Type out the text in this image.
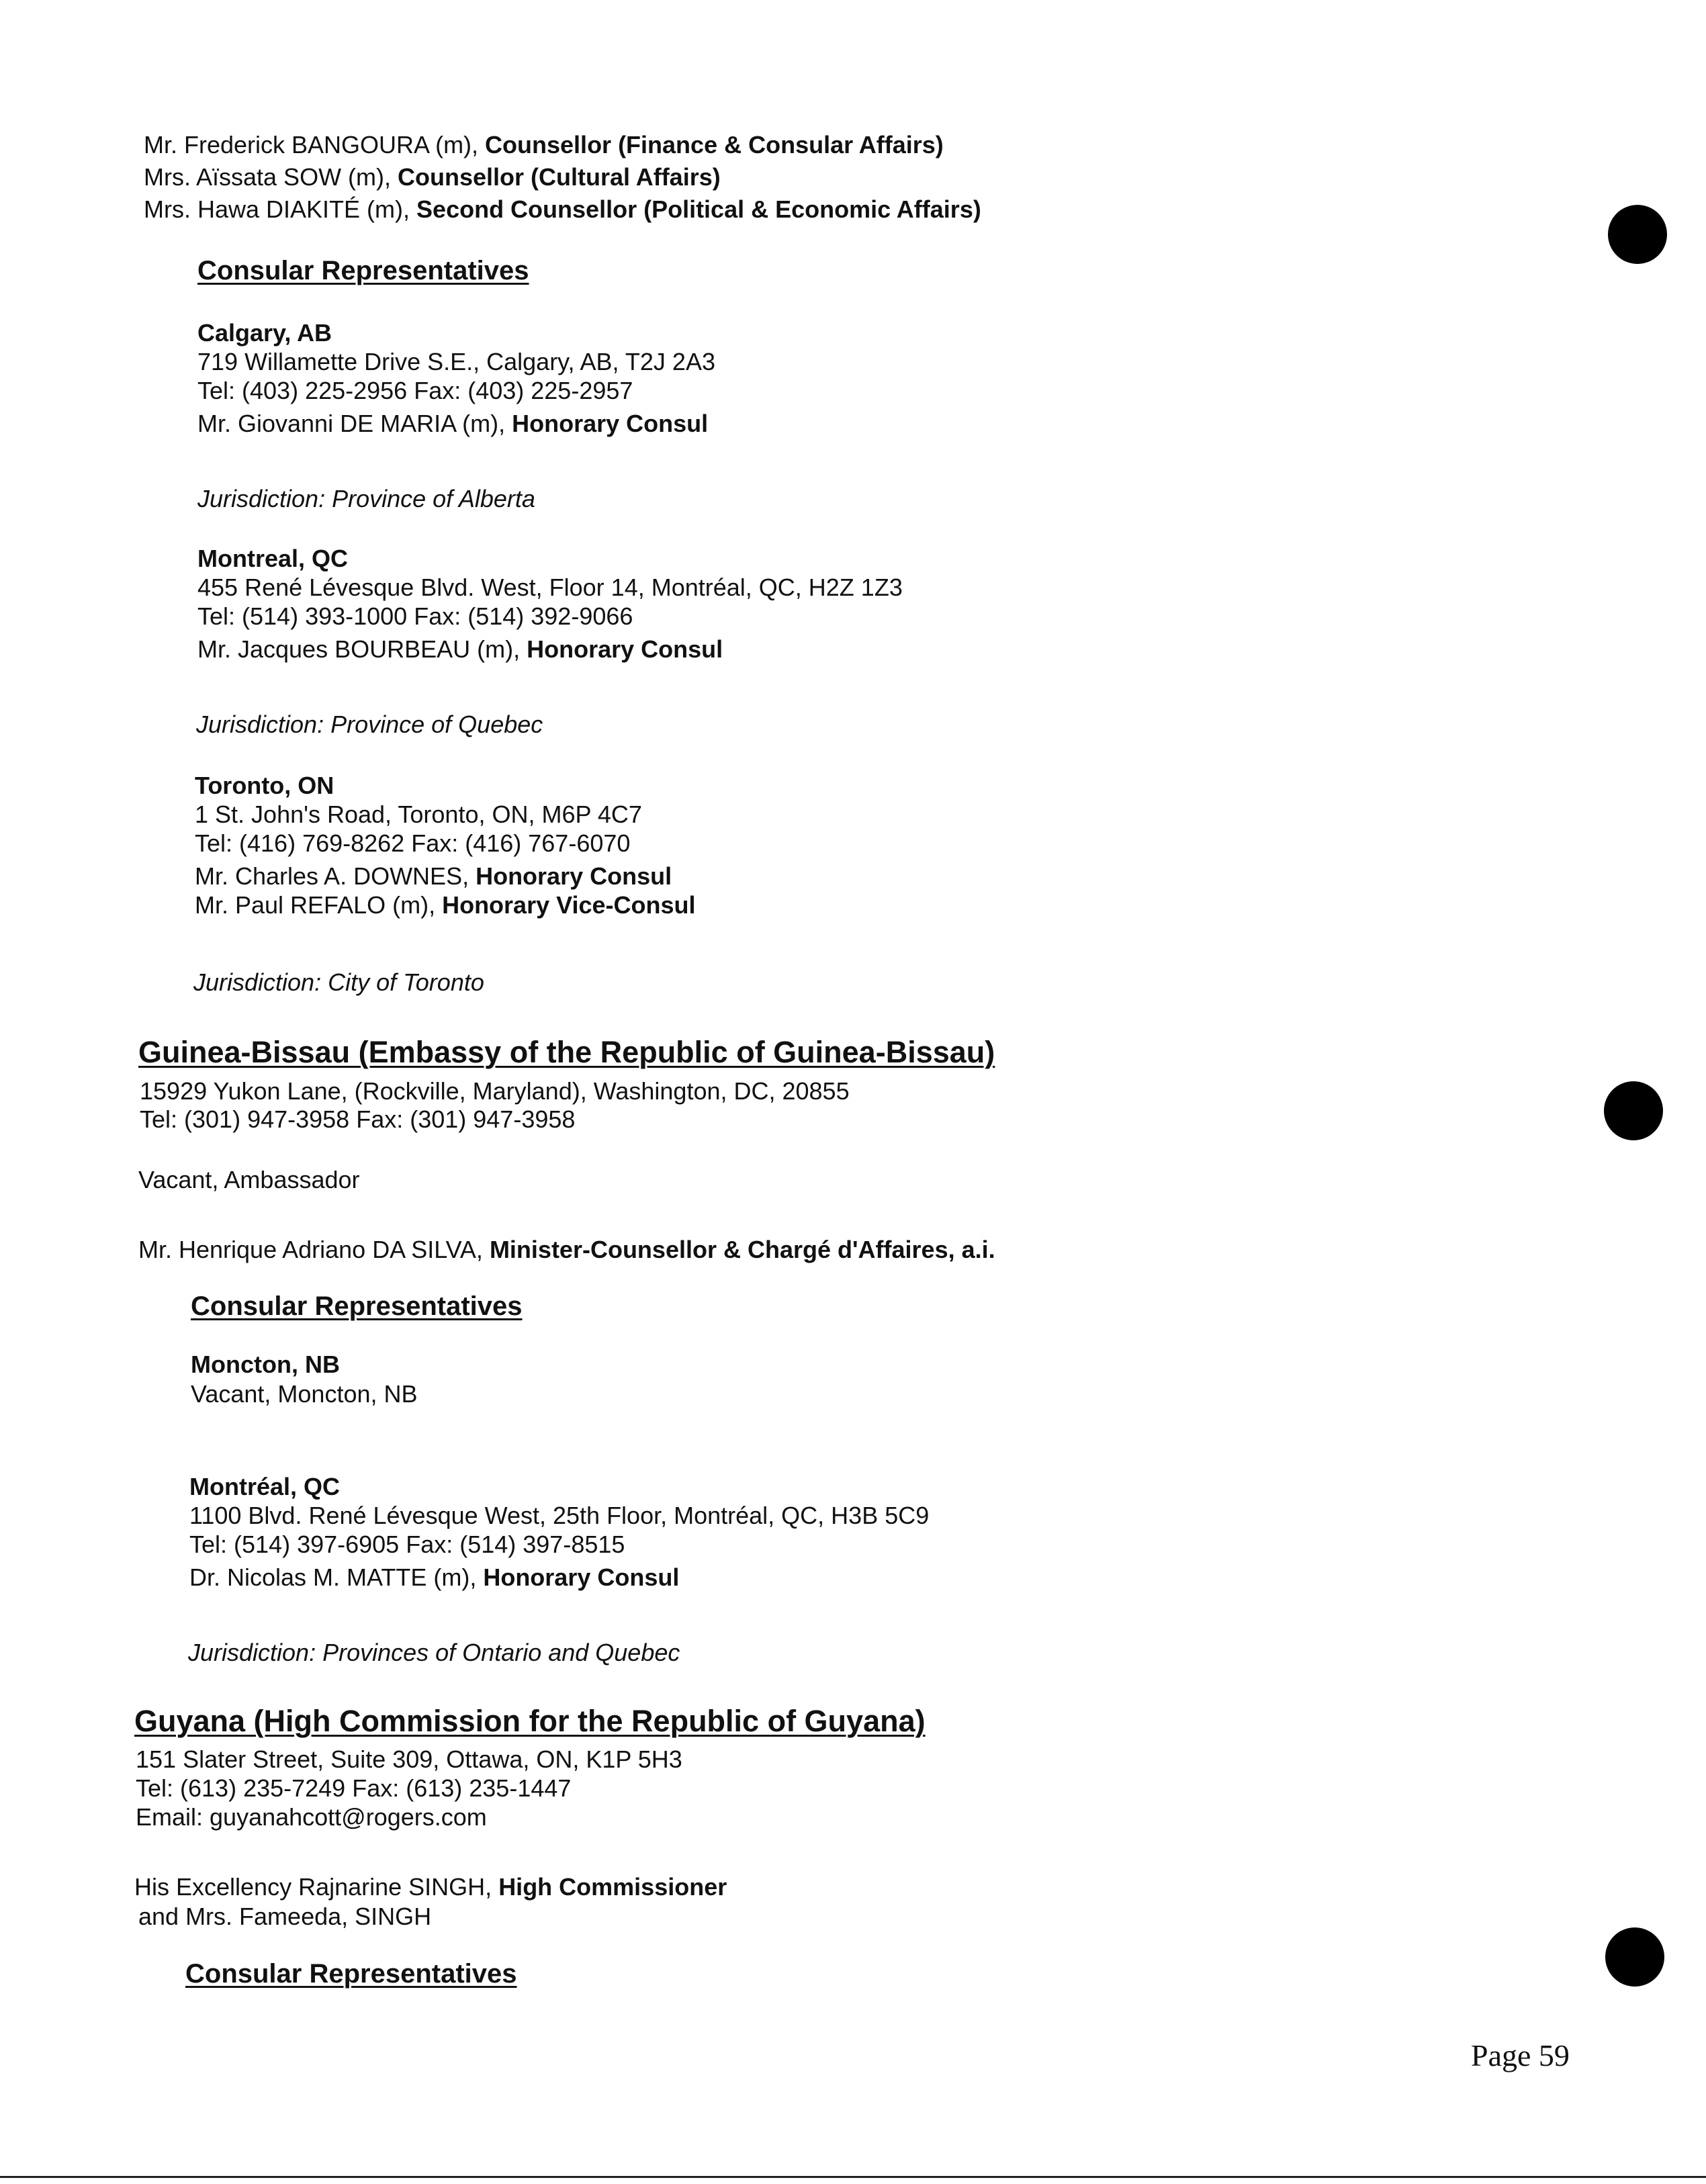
Mr. Frederick BANGOURA (m), Counsellor (Finance & Consular Affairs)
Mrs. Aïssata SOW (m), Counsellor (Cultural Affairs)
Mrs. Hawa DIAKITÉ (m), Second Counsellor (Political & Economic Affairs)
Consular Representatives
Calgary, AB
719 Willamette Drive S.E., Calgary, AB, T2J 2A3
Tel: (403) 225-2956 Fax: (403) 225-2957
Mr. Giovanni DE MARIA (m), Honorary Consul
Jurisdiction: Province of Alberta
Montreal, QC
455 René Lévesque Blvd. West, Floor 14, Montréal, QC, H2Z 1Z3
Tel: (514) 393-1000 Fax: (514) 392-9066
Mr. Jacques BOURBEAU (m), Honorary Consul
Jurisdiction: Province of Quebec
Toronto, ON
1 St. John's Road, Toronto, ON, M6P 4C7
Tel: (416) 769-8262 Fax: (416) 767-6070
Mr. Charles A. DOWNES, Honorary Consul
Mr. Paul REFALO (m), Honorary Vice-Consul
Jurisdiction: City of Toronto
Guinea-Bissau (Embassy of the Republic of Guinea-Bissau)
15929 Yukon Lane, (Rockville, Maryland), Washington, DC, 20855
Tel: (301) 947-3958 Fax: (301) 947-3958
Vacant, Ambassador
Mr. Henrique Adriano DA SILVA, Minister-Counsellor & Chargé d'Affaires, a.i.
Consular Representatives
Moncton, NB
Vacant, Moncton, NB
Montréal, QC
1100 Blvd. René Lévesque West, 25th Floor, Montréal, QC, H3B 5C9
Tel: (514) 397-6905 Fax: (514) 397-8515
Dr. Nicolas M. MATTE (m), Honorary Consul
Jurisdiction: Provinces of Ontario and Quebec
Guyana (High Commission for the Republic of Guyana)
151 Slater Street, Suite 309, Ottawa, ON, K1P 5H3
Tel: (613) 235-7249 Fax: (613) 235-1447
Email: guyanahcott@rogers.com
His Excellency Rajnarine SINGH, High Commissioner
and Mrs. Fameeda, SINGH
Consular Representatives
Page 59
